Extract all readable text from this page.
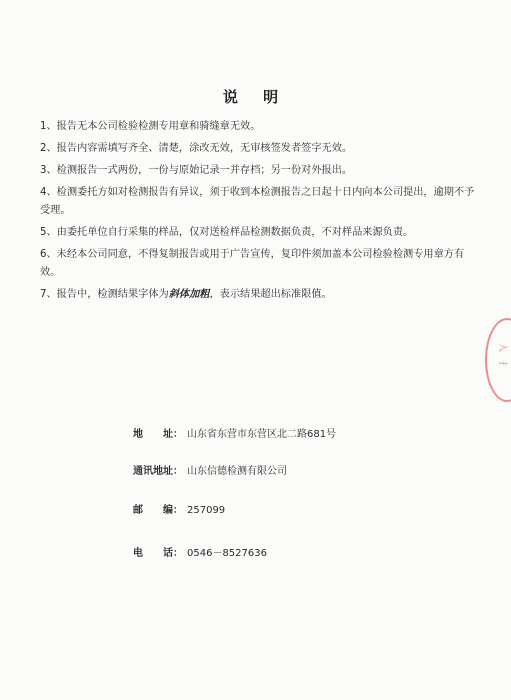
说 明
1、报告无本公司检验检测专用章和骑缝章无效。
2、报告内容需填写齐全、清楚，涂改无效，无审核签发者签字无效。
3、检测报告一式两份，一份与原始记录一并存档；另一份对外报出。
4、检测委托方如对检测报告有异议，须于收到本检测报告之日起十日内向本公司提出，逾期不予受理。
5、由委托单位自行采集的样品，仅对送检样品检测数据负责，不对样品来源负责。
6、未经本公司同意，不得复制报告或用于广告宣传，复印件须加盖本公司检验检测专用章方有效。
7、报告中，检测结果字体为斜体加粗，表示结果超出标准限值。
地　　址： 山东省东营市东营区北二路681号
通讯地址： 山东信德检测有限公司
邮　　编： 257099
电　　话： 0546－8527636
入　扌
